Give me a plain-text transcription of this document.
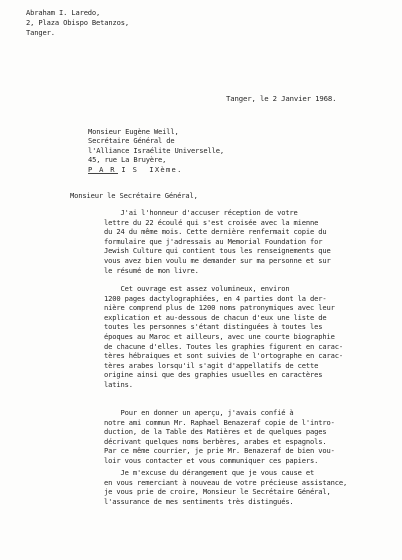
Abraham I. Laredo,
2, Plaza Obispo Betanzos,
Tanger.
Tanger, le 2 Janvier 1968.
Monsieur Eugène Weill,
Secrétaire Général de
l'Alliance Israélite Universelle,
45, rue La Bruyère,
P A R I S  IXème.
Monsieur le Secrétaire Général,
J'ai l'honneur d'accuser réception de votre
lettre du 22 écoulé qui s'est croisée avec la mienne
du 24 du même mois. Cette dernière renfermait copie du
formulaire que j'adressais au Memorial Foundation for
Jewish Culture qui contient tous les renseignements que
vous avez bien voulu me demander sur ma personne et sur
le résumé de mon livre.
Cet ouvrage est assez volumineux, environ
1200 pages dactylographiées, en 4 parties dont la der-
nière comprend plus de 1200 noms patronymiques avec leur
explication et au-dessous de chacun d'eux une liste de
toutes les personnes s'étant distinguées à toutes les
époques au Maroc et ailleurs, avec une courte biographie
de chacune d'elles. Toutes les graphies figurent en carac-
tères hébraiques et sont suivies de l'ortographe en carac-
tères arabes lorsqu'il s'agit d'appellatifs de cette
origine ainsi que des graphies usuelles en caractères
latins.
Pour en donner un aperçu, j'avais confié à
notre ami commun Mr. Raphael Benazeraf copie de l'intro-
duction, de la Table des Matières et de quelques pages
décrivant quelques noms berbères, arabes et espagnols.
Par ce même courrier, je prie Mr. Benazeraf de bien vou-
loir vous contacter et vous communiquer ces papiers.
Je m'excuse du dérangement que je vous cause et
en vous remerciant à nouveau de votre précieuse assistance,
je vous prie de croire, Monsieur le Secrétaire Général,
l'assurance de mes sentiments très distingués.
